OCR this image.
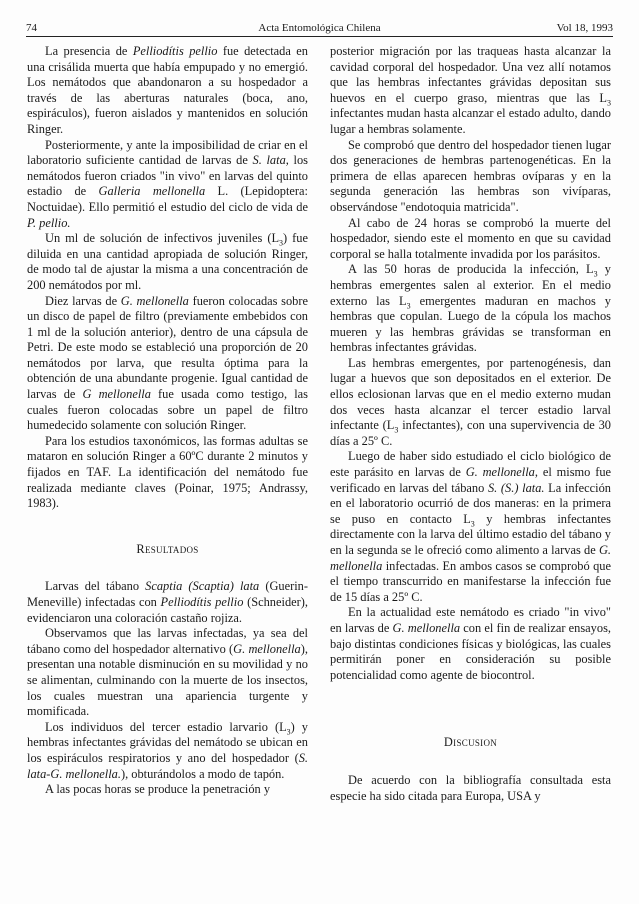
74	Acta Entomológica Chilena	Vol 18, 1993

La presencia de Pelliodítis pellio fue detectada en una crisálida muerta que había empupado y no emergió. Los nemátodos que abandonaron a su hospedador a través de las aberturas naturales (boca, ano, espiráculos), fueron aislados y mantenidos en solución Ringer.

Posteriormente, y ante la imposibilidad de criar en el laboratorio suficiente cantidad de larvas de S. lata, los nemátodos fueron criados "in vivo" en larvas del quinto estadio de Galleria mellonella L. (Lepidoptera: Noctuidae). Ello permitió el estudio del ciclo de vida de P. pellio.

Un ml de solución de infectivos juveniles $(L_3)$ fue diluida en una cantidad apropiada de solución Ringer, de modo tal de ajustar la misma a una concentración de 200 nemátodos por ml.

Diez larvas de G. mellonella fueron colocadas sobre un disco de papel de filtro (previamente embebidos con 1 ml de la solución anterior), dentro de una cápsula de Petri. De este modo se estableció una proporción de 20 nemátodos por larva, que resulta óptima para la obtención de una abundante progenie. Igual cantidad de larvas de G mellonella fue usada como testigo, las cuales fueron colocadas sobre un papel de filtro humedecido solamente con solución Ringer.

Para los estudios taxonómicos, las formas adultas se mataron en solución Ringer a 60ºC durante 2 minutos y fijados en TAF. La identificación del nemátodo fue realizada mediante claves (Poinar, 1975; Andrassy, 1983).

Resultados

Larvas del tábano Scaptia (Scaptia) lata (Guerin-Meneville) infectadas con Pelliodítis pellio (Schneider), evidenciaron una coloración castaño rojiza.

Observamos que las larvas infectadas, ya sea del tábano como del hospedador alternativo (G. mellonella), presentan una notable disminución en su movilidad y no se alimentan, culminando con la muerte de los insectos, los cuales muestran una apariencia turgente y momificada.

Los individuos del tercer estadio larvario $(L_3)$ y hembras infectantes grávidas del nemátodo se ubican en los espiráculos respiratorios y ano del hospedador (S. lata-G. mellonella.), obturándolos a modo de tapón.

A las pocas horas se produce la penetración y

posterior migración por las traqueas hasta alcanzar la cavidad corporal del hospedador. Una vez allí notamos que las hembras infectantes grávidas depositan sus huevos en el cuerpo graso, mientras que las $L_3$ infectantes mudan hasta alcanzar el estado adulto, dando lugar a hembras solamente.

Se comprobó que dentro del hospedador tienen lugar dos generaciones de hembras partenogenéticas. En la primera de ellas aparecen hembras ovíparas y en la segunda generación las hembras son vivíparas, observándose "endotoquia matricida".

Al cabo de 24 horas se comprobó la muerte del hospedador, siendo este el momento en que su cavidad corporal se halla totalmente invadida por los parásitos.

A las 50 horas de producida la infección, $L_3$ y hembras emergentes salen al exterior. En el medio externo las $L_3$ emergentes maduran en machos y hembras que copulan. Luego de la cópula los machos mueren y las hembras grávidas se transforman en hembras infectantes grávidas.

Las hembras emergentes, por partenogénesis, dan lugar a huevos que son depositados en el exterior. De ellos eclosionan larvas que en el medio externo mudan dos veces hasta alcanzar el tercer estadio larval infectante ($L_3$ infectantes), con una supervivencia de 30 días a 25º C.

Luego de haber sido estudiado el ciclo biológico de este parásito en larvas de G. mellonella, el mismo fue verificado en larvas del tábano S. (S.) lata. La infección en el laboratorio ocurrió de dos maneras: en la primera se puso en contacto $L_3$ y hembras infectantes directamente con la larva del último estadio del tábano y en la segunda se le ofreció como alimento a larvas de G. mellonella infectadas. En ambos casos se comprobó que el tiempo transcurrido en manifestarse la infección fue de 15 días a 25º C.

En la actualidad este nemátodo es criado "in vivo" en larvas de G. mellonella con el fin de realizar ensayos, bajo distintas condiciones físicas y biológicas, las cuales permitirán poner en consideración su posible potencialidad como agente de biocontrol.

Discusion

De acuerdo con la bibliografía consultada esta especie ha sido citada para Europa, USA y
